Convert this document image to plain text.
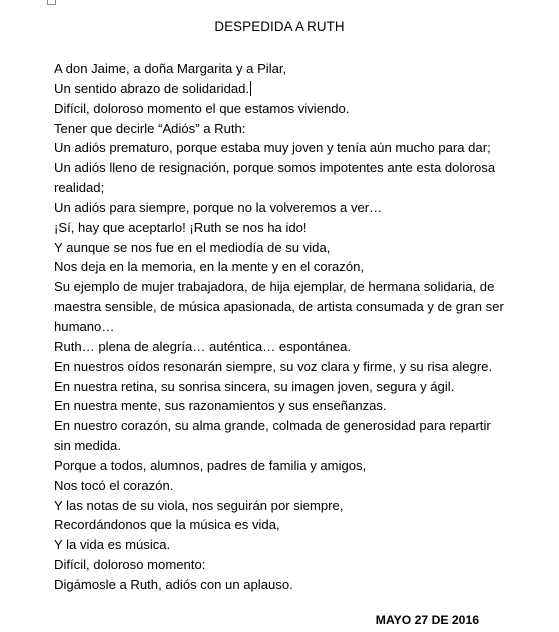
DESPEDIDA A RUTH
A don Jaime, a doña Margarita y a Pilar,
Un sentido abrazo de solidaridad.
Difícil, doloroso momento el que estamos viviendo.
Tener que decirle “Adiós” a Ruth:
Un adiós prematuro, porque estaba muy joven y tenía aún mucho para dar;
Un adiós lleno de resignación, porque somos impotentes ante esta dolorosa
realidad;
Un adiós para siempre, porque no la volveremos a ver…
¡Sí, hay que aceptarlo! ¡Ruth se nos ha ido!
Y aunque se nos fue en el mediodía de su vida,
Nos deja en la memoria, en la mente y en el corazón,
Su ejemplo de mujer trabajadora, de hija ejemplar, de hermana solidaria, de
maestra sensible, de música apasionada, de artista consumada y de gran ser
humano…
Ruth… plena de alegría… auténtica… espontánea.
En nuestros oídos resonarán siempre, su voz clara y firme, y su risa alegre.
En nuestra retina, su sonrisa sincera, su imagen joven, segura y ágil.
En nuestra mente, sus razonamientos y sus enseñanzas.
En nuestro corazón, su alma grande, colmada de generosidad para repartir
sin medida.
Porque a todos, alumnos, padres de familia y amigos,
Nos tocó el corazón.
Y las notas de su viola, nos seguirán por siempre,
Recordándonos que la música es vida,
Y la vida es música.
Difícil, doloroso momento:
Digámosle a Ruth, adiós con un aplauso.
MAYO 27 DE 2016
